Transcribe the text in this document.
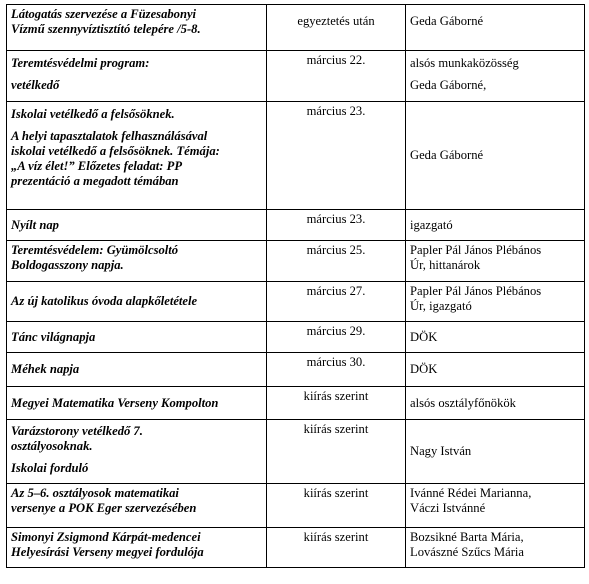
Látogatás szervezése a Füzesabonyi
Vízmű szennyvíztisztító telepére /5-8.	egyeztetés után	Geda Gáborné

Teremtésvédelmi program:
vetélkedő	március 22.	alsós munkaközösség
Geda Gáborné,

Iskolai vetélkedő a felsősöknek.
A helyi tapasztalatok felhasználásával
iskolai vetélkedő a felsősöknek. Témája:
„A víz élet!” Előzetes feladat: PP
prezentáció a megadott témában	március 23.	Geda Gáborné

Nyílt nap	március 23.	igazgató

Teremtésvédelem: Gyümölcsoltó
Boldogasszony napja.	március 25.	Papler Pál János Plébános
Úr, hittanárok

Az új katolikus óvoda alapkőletétele	március 27.	Papler Pál János Plébános
Úr, igazgató

Tánc világnapja	március 29.	DÖK

Méhek napja	március 30.	DÖK

Megyei Matematika Verseny Kompolton	kiírás szerint	alsós osztályfőnökök

Varázstorony vetélkedő 7.
osztályosoknak.
Iskolai forduló	kiírás szerint	Nagy István

Az 5–6. osztályosok matematikai
versenye a POK Eger szervezésében	kiírás szerint	Ivánné Rédei Marianna,
Váczi Istvánné

Simonyi Zsigmond Kárpát-medencei
Helyesírási Verseny megyei fordulója	kiírás szerint	Bozsikné Barta Mária,
Lovászné Szűcs Mária
